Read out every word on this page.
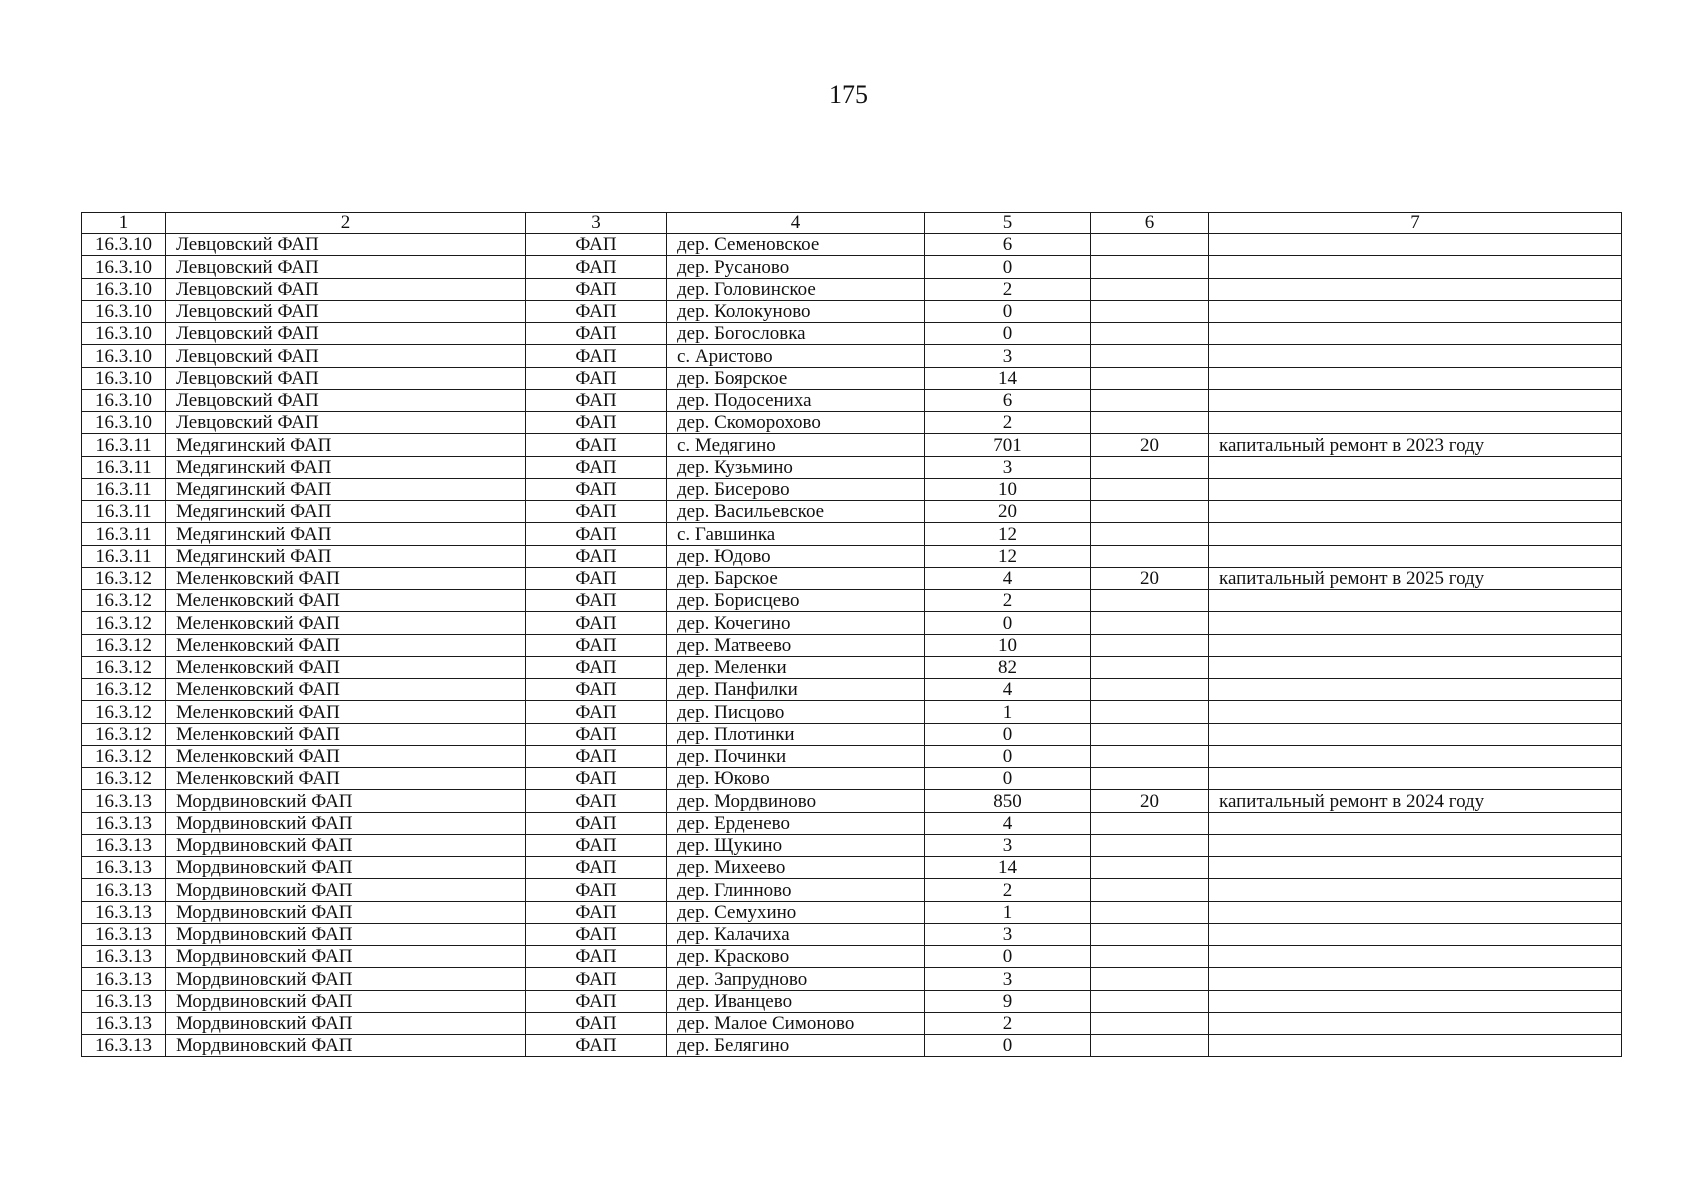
175
1	2	3	4	5	6	7
16.3.10	Левцовский ФАП	ФАП	дер. Семеновское	6		
16.3.10	Левцовский ФАП	ФАП	дер. Русаново	0		
16.3.10	Левцовский ФАП	ФАП	дер. Головинское	2		
16.3.10	Левцовский ФАП	ФАП	дер. Колокуново	0		
16.3.10	Левцовский ФАП	ФАП	дер. Богословка	0		
16.3.10	Левцовский ФАП	ФАП	с. Аристово	3		
16.3.10	Левцовский ФАП	ФАП	дер. Боярское	14		
16.3.10	Левцовский ФАП	ФАП	дер. Подосениха	6		
16.3.10	Левцовский ФАП	ФАП	дер. Скоморохово	2		
16.3.11	Медягинский ФАП	ФАП	с. Медягино	701	20	капитальный ремонт в 2023 году
16.3.11	Медягинский ФАП	ФАП	дер. Кузьмино	3		
16.3.11	Медягинский ФАП	ФАП	дер. Бисерово	10		
16.3.11	Медягинский ФАП	ФАП	дер. Васильевское	20		
16.3.11	Медягинский ФАП	ФАП	с. Гавшинка	12		
16.3.11	Медягинский ФАП	ФАП	дер. Юдово	12		
16.3.12	Меленковский ФАП	ФАП	дер. Барское	4	20	капитальный ремонт в 2025 году
16.3.12	Меленковский ФАП	ФАП	дер. Борисцево	2		
16.3.12	Меленковский ФАП	ФАП	дер. Кочегино	0		
16.3.12	Меленковский ФАП	ФАП	дер. Матвеево	10		
16.3.12	Меленковский ФАП	ФАП	дер. Меленки	82		
16.3.12	Меленковский ФАП	ФАП	дер. Панфилки	4		
16.3.12	Меленковский ФАП	ФАП	дер. Писцово	1		
16.3.12	Меленковский ФАП	ФАП	дер. Плотинки	0		
16.3.12	Меленковский ФАП	ФАП	дер. Починки	0		
16.3.12	Меленковский ФАП	ФАП	дер. Юково	0		
16.3.13	Мордвиновский ФАП	ФАП	дер. Мордвиново	850	20	капитальный ремонт в 2024 году
16.3.13	Мордвиновский ФАП	ФАП	дер. Ерденево	4		
16.3.13	Мордвиновский ФАП	ФАП	дер. Щукино	3		
16.3.13	Мордвиновский ФАП	ФАП	дер. Михеево	14		
16.3.13	Мордвиновский ФАП	ФАП	дер. Глинново	2		
16.3.13	Мордвиновский ФАП	ФАП	дер. Семухино	1		
16.3.13	Мордвиновский ФАП	ФАП	дер. Калачиха	3		
16.3.13	Мордвиновский ФАП	ФАП	дер. Красково	0		
16.3.13	Мордвиновский ФАП	ФАП	дер. Запрудново	3		
16.3.13	Мордвиновский ФАП	ФАП	дер. Иванцево	9		
16.3.13	Мордвиновский ФАП	ФАП	дер. Малое Симоново	2		
16.3.13	Мордвиновский ФАП	ФАП	дер. Белягино	0		
